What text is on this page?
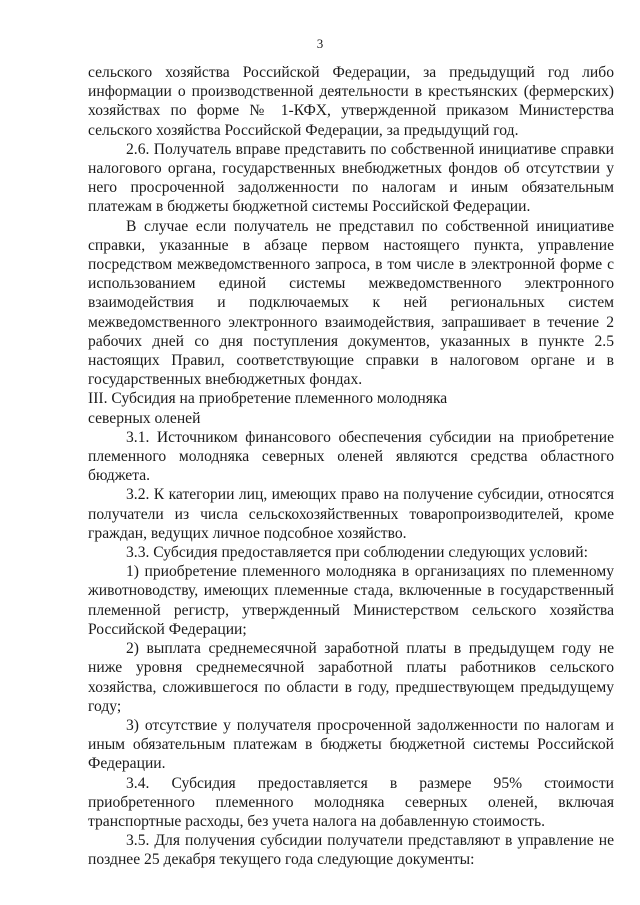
3

сельского хозяйства Российской Федерации, за предыдущий год либо информации о производственной деятельности в крестьянских (фермерских) хозяйствах по форме № 1-КФХ, утвержденной приказом Министерства сельского хозяйства Российской Федерации, за предыдущий год.

2.6. Получатель вправе представить по собственной инициативе справки налогового органа, государственных внебюджетных фондов об отсутствии у него просроченной задолженности по налогам и иным обязательным платежам в бюджеты бюджетной системы Российской Федерации.

В случае если получатель не представил по собственной инициативе справки, указанные в абзаце первом настоящего пункта, управление посредством межведомственного запроса, в том числе в электронной форме с использованием единой системы межведомственного электронного взаимодействия и подключаемых к ней региональных систем межведомственного электронного взаимодействия, запрашивает в течение 2 рабочих дней со дня поступления документов, указанных в пункте 2.5 настоящих Правил, соответствующие справки в налоговом органе и в государственных внебюджетных фондах.

III. Субсидия на приобретение племенного молодняка
северных оленей

3.1. Источником финансового обеспечения субсидии на приобретение племенного молодняка северных оленей являются средства областного бюджета.

3.2. К категории лиц, имеющих право на получение субсидии, относятся получатели из числа сельскохозяйственных товаропроизводителей, кроме граждан, ведущих личное подсобное хозяйство.

3.3. Субсидия предоставляется при соблюдении следующих условий:

1) приобретение племенного молодняка в организациях по племенному животноводству, имеющих племенные стада, включенные в государственный племенной регистр, утвержденный Министерством сельского хозяйства Российской Федерации;

2) выплата среднемесячной заработной платы в предыдущем году не ниже уровня среднемесячной заработной платы работников сельского хозяйства, сложившегося по области в году, предшествующем предыдущему году;

3) отсутствие у получателя просроченной задолженности по налогам и иным обязательным платежам в бюджеты бюджетной системы Российской Федерации.

3.4. Субсидия предоставляется в размере 95% стоимости приобретенного племенного молодняка северных оленей, включая транспортные расходы, без учета налога на добавленную стоимость.

3.5. Для получения субсидии получатели представляют в управление не позднее 25 декабря текущего года следующие документы:
